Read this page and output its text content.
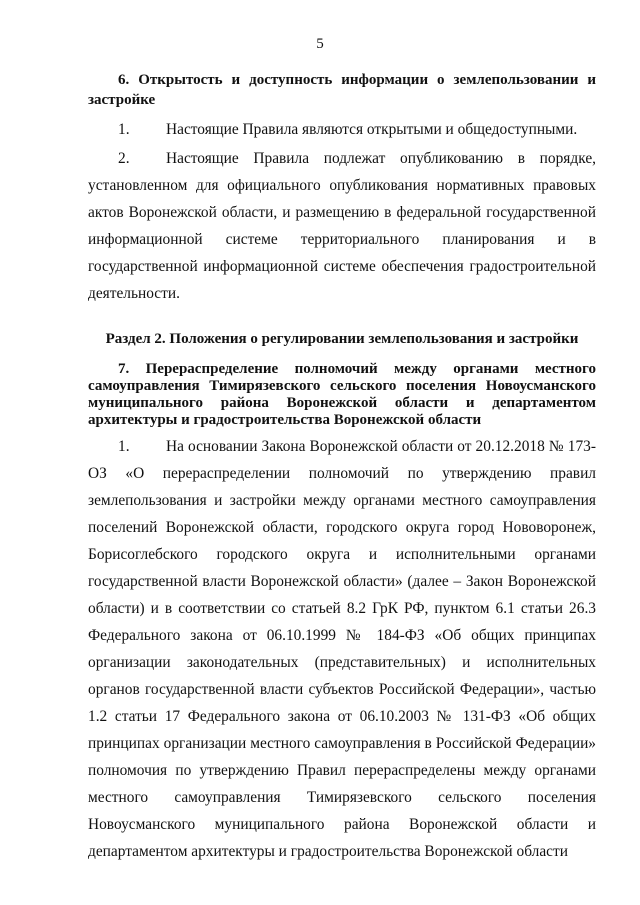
5

6. Открытость и доступность информации о землепользовании и застройке

1. Настоящие Правила являются открытыми и общедоступными.

2. Настоящие Правила подлежат опубликованию в порядке, установленном для официального опубликования нормативных правовых актов Воронежской области, и размещению в федеральной государственной информационной системе территориального планирования и в государственной информационной системе обеспечения градостроительной деятельности.

Раздел 2. Положения о регулировании землепользования и застройки

7. Перераспределение полномочий между органами местного самоуправления Тимирязевского сельского поселения Новоусманского муниципального района Воронежской области и департаментом архитектуры и градостроительства Воронежской области

1. На основании Закона Воронежской области от 20.12.2018 № 173-ОЗ «О перераспределении полномочий по утверждению правил землепользования и застройки между органами местного самоуправления поселений Воронежской области, городского округа город Нововоронеж, Борисоглебского городского округа и исполнительными органами государственной власти Воронежской области» (далее – Закон Воронежской области) и в соответствии со статьей 8.2 ГрК РФ, пунктом 6.1 статьи 26.3 Федерального закона от 06.10.1999 № 184-ФЗ «Об общих принципах организации законодательных (представительных) и исполнительных органов государственной власти субъектов Российской Федерации», частью 1.2 статьи 17 Федерального закона от 06.10.2003 № 131-ФЗ «Об общих принципах организации местного самоуправления в Российской Федерации» полномочия по утверждению Правил перераспределены между органами местного самоуправления Тимирязевского сельского поселения Новоусманского муниципального района Воронежской области и департаментом архитектуры и градостроительства Воронежской области
